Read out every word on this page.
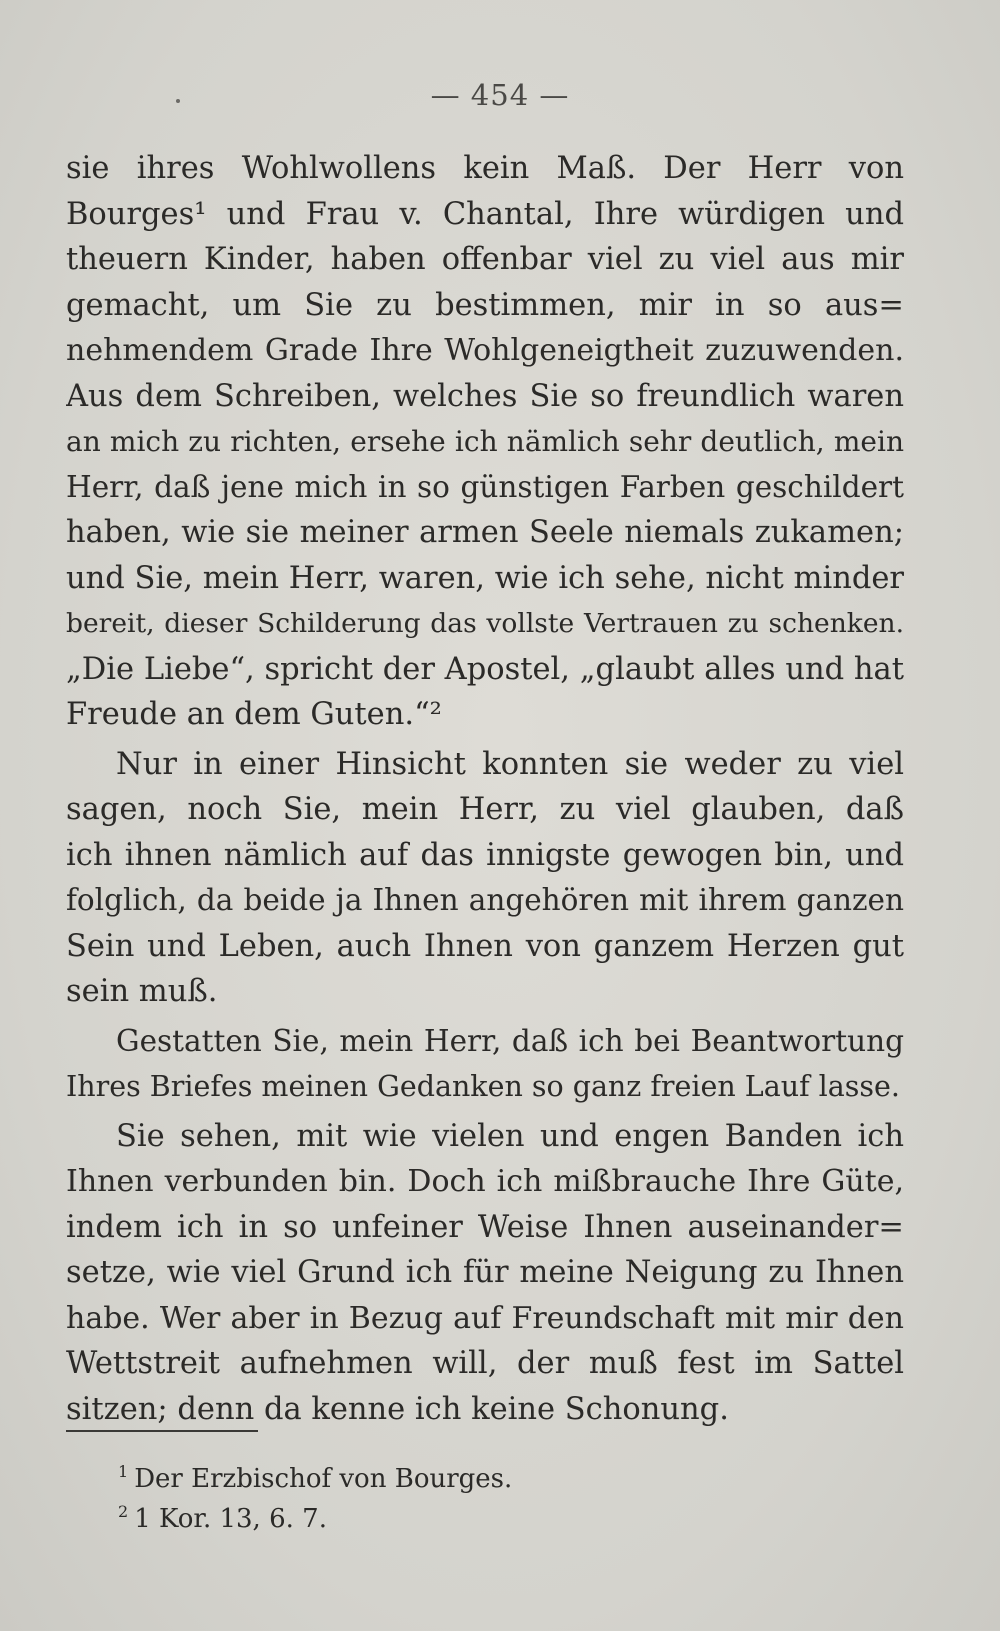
— 454 —
sie ihres Wohlwollens kein Maß. Der Herr von
Bourges¹ und Frau v. Chantal, Ihre würdigen und
theuern Kinder, haben offenbar viel zu viel aus mir
gemacht, um Sie zu bestimmen, mir in so aus=
nehmendem Grade Ihre Wohlgeneigtheit zuzuwenden.
Aus dem Schreiben, welches Sie so freundlich waren
an mich zu richten, ersehe ich nämlich sehr deutlich, mein
Herr, daß jene mich in so günstigen Farben geschildert
haben, wie sie meiner armen Seele niemals zukamen;
und Sie, mein Herr, waren, wie ich sehe, nicht minder
bereit, dieser Schilderung das vollste Vertrauen zu schenken.
„Die Liebe“, spricht der Apostel, „glaubt alles und hat
Freude an dem Guten.“²
Nur in einer Hinsicht konnten sie weder zu viel
sagen, noch Sie, mein Herr, zu viel glauben, daß
ich ihnen nämlich auf das innigste gewogen bin, und
folglich, da beide ja Ihnen angehören mit ihrem ganzen
Sein und Leben, auch Ihnen von ganzem Herzen gut
sein muß.
Gestatten Sie, mein Herr, daß ich bei Beantwortung
Ihres Briefes meinen Gedanken so ganz freien Lauf lasse.
Sie sehen, mit wie vielen und engen Banden ich
Ihnen verbunden bin. Doch ich mißbrauche Ihre Güte,
indem ich in so unfeiner Weise Ihnen auseinander=
setze, wie viel Grund ich für meine Neigung zu Ihnen
habe. Wer aber in Bezug auf Freundschaft mit mir den
Wettstreit aufnehmen will, der muß fest im Sattel
sitzen; denn da kenne ich keine Schonung.
$^1$ Der Erzbischof von Bourges.
$^2$ 1 Kor. 13, 6. 7.
